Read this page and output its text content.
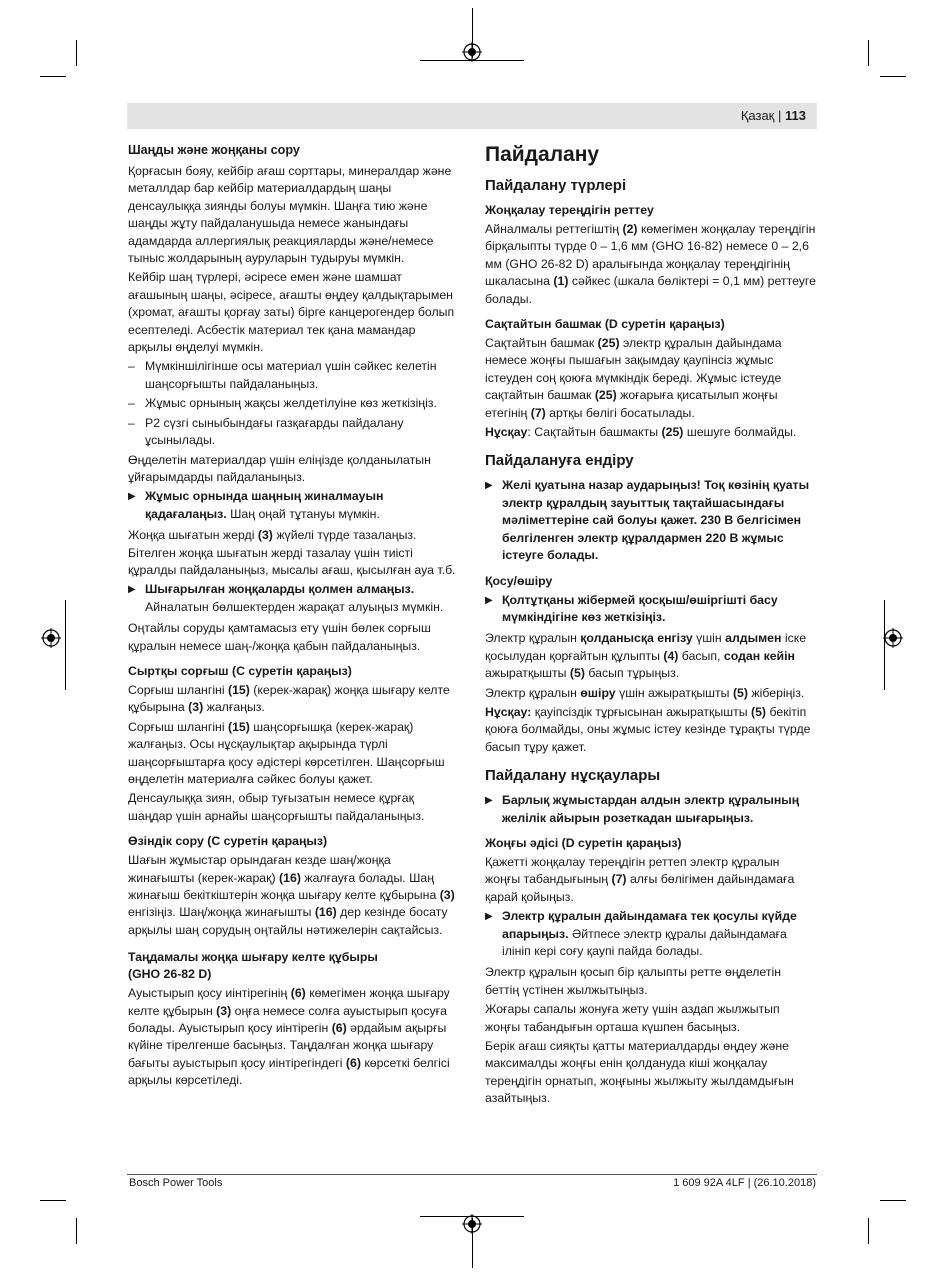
Қазақ | 113
Шаңды және жоңқаны сору

Қорғасын бояу, кейбір ағаш сорттары, минералдар және металлдар бар кейбір материалдардың шаңы денсаулыққа зиянды болуы мүмкін. Шаңға тию және шаңды жұту пайдаланушыда немесе жанындағы адамдарда аллергиялық реакцияларды және/немесе тыныс жолдарының ауруларын тудыруы мүмкін.

Кейбір шаң түрлері, әсіресе емен және шамшат ағашының шаңы, әсіресе, ағашты өңдеу қалдықтарымен (хромат, ағашты қорғау заты) бірге канцерогендер болып есептеледі. Асбестік материал тек қана мамандар арқылы өңделуі мүмкін.

– Мүмкіншілігінше осы материал үшін сәйкес келетін шаңсорғышты пайдаланыңыз.
– Жұмыс орнының жақсы желдетілуіне көз жеткізіңіз.
– P2 сүзгі сыныбындағы газқағарды пайдалану ұсынылады.

Өңделетін материалдар үшін еліңізде қолданылатын ұйғарымдарды пайдаланыңыз.

▶ Жұмыс орнында шаңның жиналмауын қадағалаңыз. Шаң оңай тұтануы мүмкін.

Жоңқа шығатын жерді (3) жүйелі түрде тазалаңыз. Бітелген жоңқа шығатын жерді тазалау үшін тиісті құралды пайдаланыңыз, мысалы ағаш, қысылған ауа т.б.

▶ Шығарылған жоңқаларды қолмен алмаңыз. Айналатын бөлшектерден жарақат алуыңыз мүмкін.

Оңтайлы соруды қамтамасыз ету үшін бөлек сорғыш құралын немесе шаң-/жоңқа қабын пайдаланыңыз.

Сыртқы сорғыш (C суретін қараңыз)

Сорғыш шлангіні (15) (керек-жарақ) жоңқа шығару келте құбырына (3) жалғаңыз.

Сорғыш шлангіні (15) шаңсорғышқа (керек-жарақ) жалғаңыз. Осы нұсқаулықтар ақырында түрлі шаңсорғыштарға қосу әдістері көрсетілген. Шаңсорғыш өңделетін материалға сәйкес болуы қажет.

Денсаулыққа зиян, обыр туғызатын немесе құрғақ шаңдар үшін арнайы шаңсорғышты пайдаланыңыз.

Өзіндік сору (C суретін қараңыз)

Шағын жұмыстар орындаған кезде шаң/жоңқа жинағышты (керек-жарақ) (16) жалғауға болады. Шаң жинағыш бекіткіштерін жоңқа шығару келте құбырына (3) енгізіңіз. Шаң/жоңқа жинағышты (16) дер кезінде босату арқылы шаң сорудың оңтайлы нәтижелерін сақтайсыз.

Таңдамалы жоңқа шығару келте құбыры
(GHO 26-82 D)

Ауыстырып қосу иінтірегінің (6) көмегімен жоңқа шығару келте құбырын (3) оңға немесе солға ауыстырып қосуға болады. Ауыстырып қосу иінтірегін (6) әрдайым ақырғы күйіне тірелгенше басыңыз. Таңдалған жоңқа шығару бағыты ауыстырып қосу иінтірегіндегі (6) көрсеткі белгісі арқылы көрсетіледі.

Пайдалану
Пайдалану түрлері
Жоңқалау тереңдігін реттеу

Айналмалы реттегіштің (2) көмегімен жоңқалау тереңдігін бірқалыпты түрде 0 – 1,6 мм (GHO 16-82) немесе 0 – 2,6 мм (GHO 26-82 D) аралығында жоңқалау тереңдігінің шкаласына (1) сәйкес (шкала бөліктері = 0,1 мм) реттеуге болады.

Сақтайтын башмак (D суретін қараңыз)

Сақтайтын башмак (25) электр құралын дайындама немесе жоңғы пышағын зақымдау қаупінсіз жұмыс істеуден соң қоюға мүмкіндік береді. Жұмыс істеуде сақтайтын башмак (25) жоғарыға қисатылып жоңғы етегінің (7) артқы бөлігі босатылады.

Нұсқау: Сақтайтын башмакты (25) шешуге болмайды.

Пайдалануға ендіру
▶ Желі қуатына назар аударыңыз! Тоқ көзінің қуаты электр құралдың зауыттық тақтайшасындағы мәліметтеріне сай болуы қажет. 230 В белгісімен белгіленген электр құралдармен 220 В жұмыс істеуге болады.
Қосу/өшіру
▶ Қолтұтқаны жібермей қосқыш/өшіргішті басу мүмкіндігіне көз жеткізіңіз.

Электр құралын қолданысқа енгізу үшін алдымен іске қосылудан қорғайтын құлыпты (4) басып, содан кейін ажыратқышты (5) басып тұрыңыз.

Электр құралын өшіру үшін ажыратқышты (5) жіберіңіз.

Нұсқау: қауіпсіздік тұрғысынан ажыратқышты (5) бекітіп қоюға болмайды, оны жұмыс істеу кезінде тұрақты түрде басып тұру қажет.

Пайдалану нұсқаулары
▶ Барлық жұмыстардан алдын электр құралының желілік айырын розеткадан шығарыңыз.
Жоңғы әдісі (D суретін қараңыз)

Қажетті жоңқалау тереңдігін реттеп электр құралын жоңғы табандығының (7) алғы бөлігімен дайындамаға қарай қойыңыз.

▶ Электр құралын дайындамаға тек қосулы күйде апарыңыз. Әйтпесе электр құралы дайындамаға ілініп кері соғу қаупі пайда болады.

Электр құралын қосып бір қалыпты ретте өңделетін беттің үстінен жылжытыңыз.

Жоғары сапалы жонуға жету үшін аздап жылжытып жоңғы табандығын орташа күшпен басыңыз.

Берік ағаш сияқты қатты материалдарды өңдеу және максималды жоңғы енін қолдануда кіші жоңқалау тереңдігін орнатып, жоңғыны жылжыту жылдамдығын азайтыңыз.

Bosch Power Tools	1 609 92A 4LF | (26.10.2018)
